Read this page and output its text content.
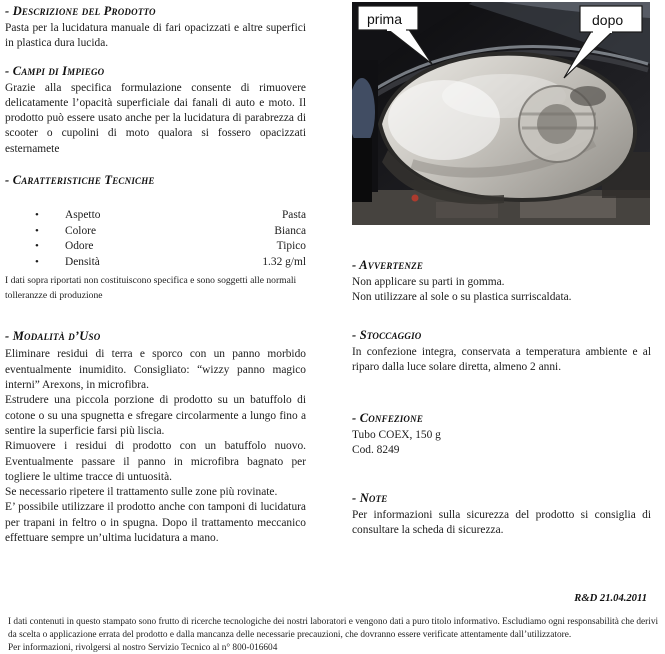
- Descrizione del Prodotto

Pasta per la lucidatura manuale di fari opacizzati e altre superfici in plastica dura lucida.

- Campi di Impiego

Grazie alla specifica formulazione consente di rimuovere delicatamente l’opacità superficiale dai fanali di auto e moto. Il prodotto può essere usato anche per la lucidatura di parabrezza di scooter o cupolini di moto qualora si fossero opacizzati esternamete

- Caratteristiche Tecniche
•	Aspetto	Pasta
•	Colore	Bianca
•	Odore	Tipico
•	Densità	1.32 g/ml

I dati sopra riportati non costituiscono specifica e sono soggetti alle normali tolleranzze di produzione

- Modalità d’Uso

Eliminare residui di terra e sporco con un panno morbido eventualmente inumidito. Consigliato: “wizzy panno magico interni” Arexons, in microfibra.

Estrudere una piccola porzione di prodotto su un batuffolo di cotone o su una spugnetta e sfregare circolarmente a lungo fino a sentire la superficie farsi più liscia.

Rimuovere i residui di prodotto con un batuffolo nuovo. Eventualmente passare il panno in microfibra bagnato per togliere le ultime tracce di untuosità.

Se necessario ripetere il trattamento sulle zone più rovinate.

E’ possibile utilizzare il prodotto anche con tamponi di lucidatura per trapani in feltro o in spugna. Dopo il trattamento meccanico effettuare sempre un’ultima lucidatura a mano.

prima	dopo
- Avvertenze

Non applicare su parti in gomma.

Non utilizzare al sole o su plastica surriscaldata.

- Stoccaggio

In confezione integra, conservata a temperatura ambiente e al riparo dalla luce solare diretta, almeno 2 anni.

- Confezione

Tubo COEX, 150 g

Cod. 8249

- Note

Per informazioni sulla sicurezza del prodotto si consiglia di consultare la scheda di sicurezza.

R&D 21.04.2011

I dati contenuti in questo stampato sono frutto di ricerche tecnologiche dei nostri laboratori e vengono dati a puro titolo informativo. Escludiamo ogni responsabilità che derivi da scelta o applicazione errata del prodotto e dalla mancanza delle necessarie precauzioni, che dovranno essere verificate attentamente dall’utilizzatore.

Per informazioni, rivolgersi al nostro Servizio Tecnico al n° 800-016604
